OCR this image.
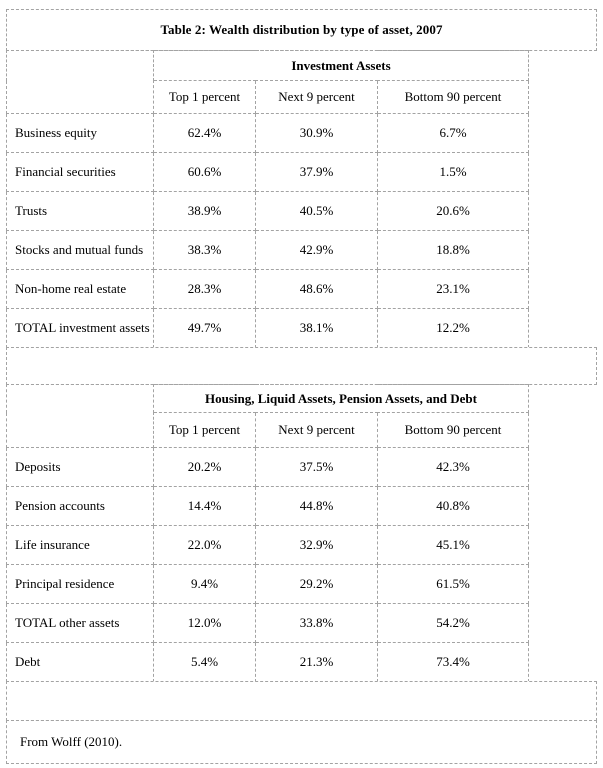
Table 2: Wealth distribution by type of asset, 2007
	Investment Assets		
	Top 1 percent	Next 9 percent	Bottom 90 percent
Business equity	62.4%	30.9%	6.7%
Financial securities	60.6%	37.9%	1.5%
Trusts	38.9%	40.5%	20.6%
Stocks and mutual funds	38.3%	42.9%	18.8%
Non-home real estate	28.3%	48.6%	23.1%
TOTAL investment assets	49.7%	38.1%	12.2%
	Housing, Liquid Assets, Pension Assets, and Debt		
	Top 1 percent	Next 9 percent	Bottom 90 percent
Deposits	20.2%	37.5%	42.3%
Pension accounts	14.4%	44.8%	40.8%
Life insurance	22.0%	32.9%	45.1%
Principal residence	9.4%	29.2%	61.5%
TOTAL other assets	12.0%	33.8%	54.2%
Debt	5.4%	21.3%	73.4%
From Wolff (2010).
